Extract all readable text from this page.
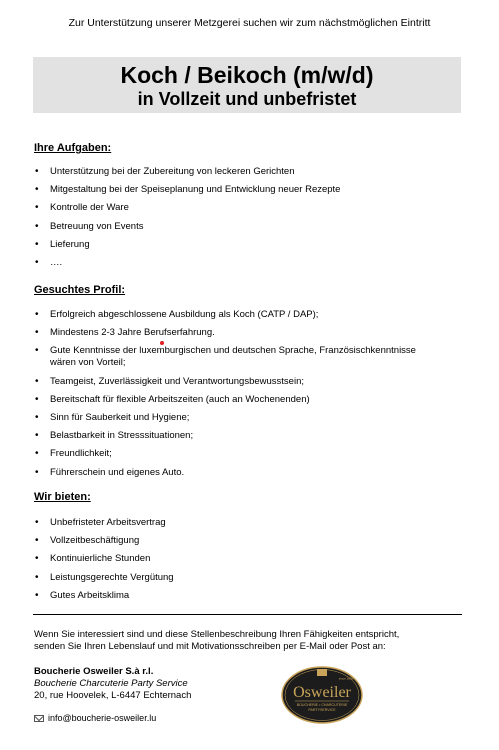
Zur Unterstützung unserer Metzgerei suchen wir zum nächstmöglichen Eintritt
Koch / Beikoch (m/w/d)
in Vollzeit und unbefristet
Ihre Aufgaben:
• Unterstützung bei der Zubereitung von leckeren Gerichten
• Mitgestaltung bei der Speiseplanung und Entwicklung neuer Rezepte
• Kontrolle der Ware
• Betreuung von Events
• Lieferung
• ….
Gesuchtes Profil:
• Erfolgreich abgeschlossene Ausbildung als Koch (CATP / DAP);
• Mindestens 2-3 Jahre Berufserfahrung.
• Gute Kenntnisse der luxemburgischen und deutschen Sprache, Französischkenntnisse
wären von Vorteil;
• Teamgeist, Zuverlässigkeit und Verantwortungsbewusstsein;
• Bereitschaft für flexible Arbeitszeiten (auch an Wochenenden)
• Sinn für Sauberkeit und Hygiene;
• Belastbarkeit in Stresssituationen;
• Freundlichkeit;
• Führerschein und eigenes Auto.
Wir bieten:
• Unbefristeter Arbeitsvertrag
• Vollzeitbeschäftigung
• Kontinuierliche Stunden
• Leistungsgerechte Vergütung
• Gutes Arbeitsklima
Wenn Sie interessiert sind und diese Stellenbeschreibung Ihren Fähigkeiten entspricht,
senden Sie Ihren Lebenslauf und mit Motivationsschreiben per E-Mail oder Post an:
Boucherie Osweiler S.à r.l.
Boucherie Charcuterie Party Service
20, rue Hoovelek, L-6447 Echternach
info@boucherie-osweiler.lu
since 1896
Osweiler
BOUCHERIE • CHARCUTERIE
PARTYSERVICE
